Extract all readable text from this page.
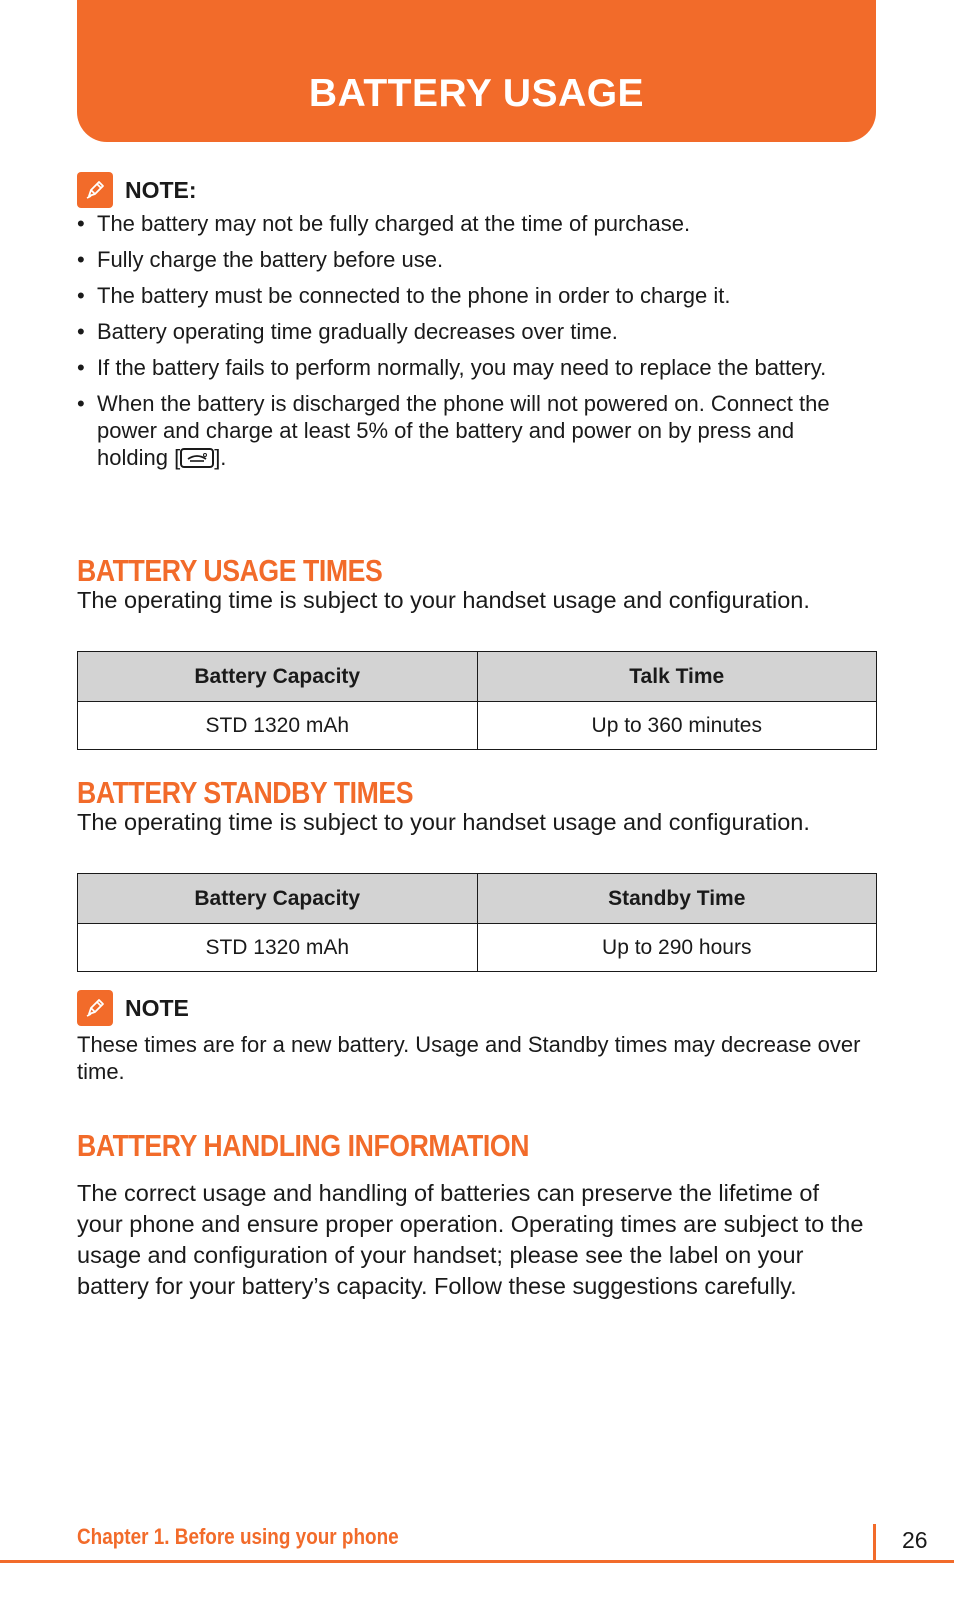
BATTERY USAGE
NOTE:
• The battery may not be fully charged at the time of purchase.
• Fully charge the battery before use.
• The battery must be connected to the phone in order to charge it.
• Battery operating time gradually decreases over time.
• If the battery fails to perform normally, you may need to replace the battery.
• When the battery is discharged the phone will not powered on. Connect the power and charge at least 5% of the battery and power on by press and holding [ ].
BATTERY USAGE TIMES
The operating time is subject to your handset usage and configuration.
Battery Capacity	Talk Time
STD 1320 mAh	Up to 360 minutes
BATTERY STANDBY TIMES
The operating time is subject to your handset usage and configuration.
Battery Capacity	Standby Time
STD 1320 mAh	Up to 290 hours
NOTE
These times are for a new battery. Usage and Standby times may decrease over time.
BATTERY HANDLING INFORMATION
The correct usage and handling of batteries can preserve the lifetime of your phone and ensure proper operation. Operating times are subject to the usage and configuration of your handset; please see the label on your battery for your battery’s capacity. Follow these suggestions carefully.
Chapter 1. Before using your phone	26
